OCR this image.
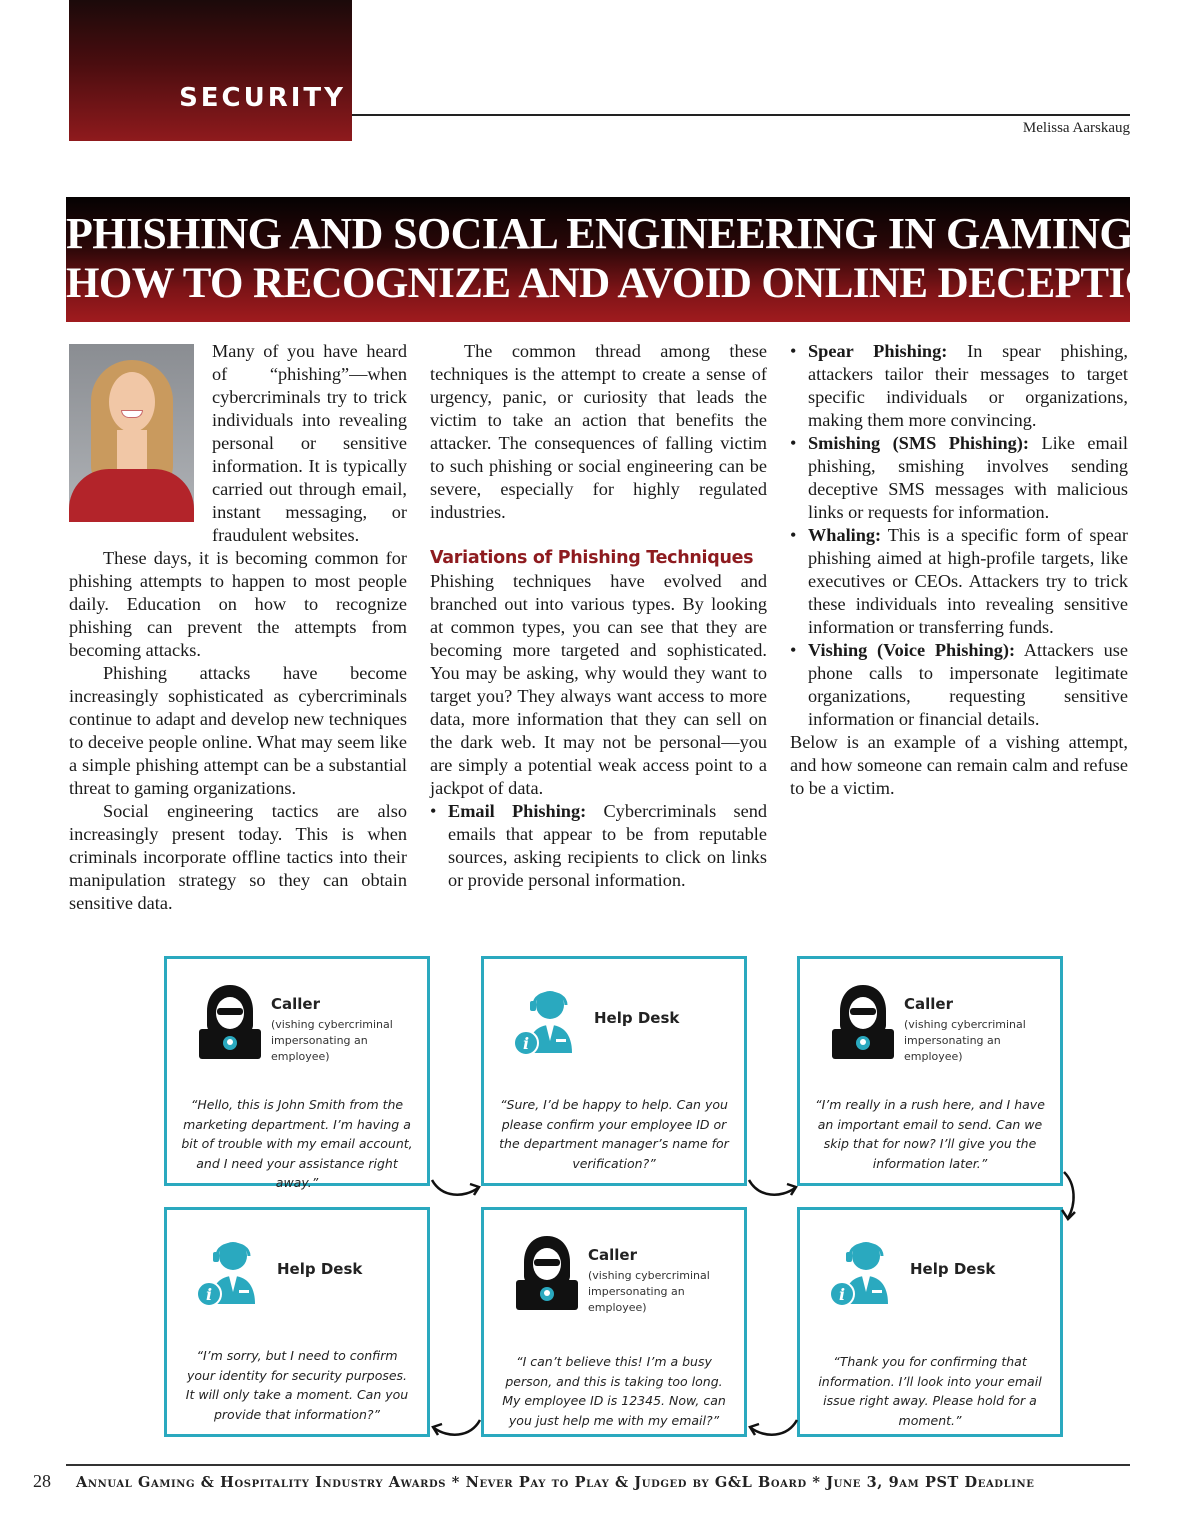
SECURITY
Melissa Aarskaug
PHISHING AND SOCIAL ENGINEERING IN GAMING:
HOW TO RECOGNIZE AND AVOID ONLINE DECEPTION

Many of you have heard of “phishing”—when cybercriminals try to trick individuals into revealing personal or sensitive information. It is typically carried out through email, instant messaging, or fraudulent websites.

These days, it is becoming common for phishing attempts to happen to most people daily. Education on how to recognize phishing can prevent the attempts from becoming attacks.

Phishing attacks have become increasingly sophisticated as cybercriminals continue to adapt and develop new techniques to deceive people online. What may seem like a simple phishing attempt can be a substantial threat to gaming organizations.

Social engineering tactics are also increasingly present today. This is when criminals incorporate offline tactics into their manipulation strategy so they can obtain sensitive data.

The common thread among these techniques is the attempt to create a sense of urgency, panic, or curiosity that leads the victim to take an action that benefits the attacker. The consequences of falling victim to such phishing or social engineering can be severe, especially for highly regulated industries.

Variations of Phishing Techniques

Phishing techniques have evolved and branched out into various types. By looking at common types, you can see that they are becoming more targeted and sophisticated. You may be asking, why would they want to target you? They always want access to more data, more information that they can sell on the dark web. It may not be personal—you are simply a potential weak access point to a jackpot of data.

• Email Phishing: Cybercriminals send emails that appear to be from reputable sources, asking recipients to click on links or provide personal information.

• Spear Phishing: In spear phishing, attackers tailor their messages to target specific individuals or organizations, making them more convincing.

• Smishing (SMS Phishing): Like email phishing, smishing involves sending deceptive SMS messages with malicious links or requests for information.

• Whaling: This is a specific form of spear phishing aimed at high-profile targets, like executives or CEOs. Attackers try to trick these individuals into revealing sensitive information or transferring funds.

• Vishing (Voice Phishing): Attackers use phone calls to impersonate legitimate organizations, requesting sensitive information or financial details.

Below is an example of a vishing attempt, and how someone can remain calm and refuse to be a victim.

Caller
(vishing cybercriminal impersonating an employee)
“Hello, this is John Smith from the marketing department. I’m having a bit of trouble with my email account, and I need your assistance right away.”
i
Help Desk
“Sure, I’d be happy to help. Can you please confirm your employee ID or the department manager’s name for verification?”
Caller
(vishing cybercriminal impersonating an employee)
“I’m really in a rush here, and I have an important email to send. Can we skip that for now? I’ll give you the information later.”
i
Help Desk
“I’m sorry, but I need to confirm your identity for security purposes. It will only take a moment. Can you provide that information?”
Caller
(vishing cybercriminal impersonating an employee)
“I can’t believe this! I’m a busy person, and this is taking too long. My employee ID is 12345. Now, can you just help me with my email?”
i
Help Desk
“Thank you for confirming that information. I’ll look into your email issue right away. Please hold for a moment.”
28 Annual Gaming & Hospitality Industry Awards * Never Pay to Play & Judged by G&L Board * June 3, 9am PST Deadline
